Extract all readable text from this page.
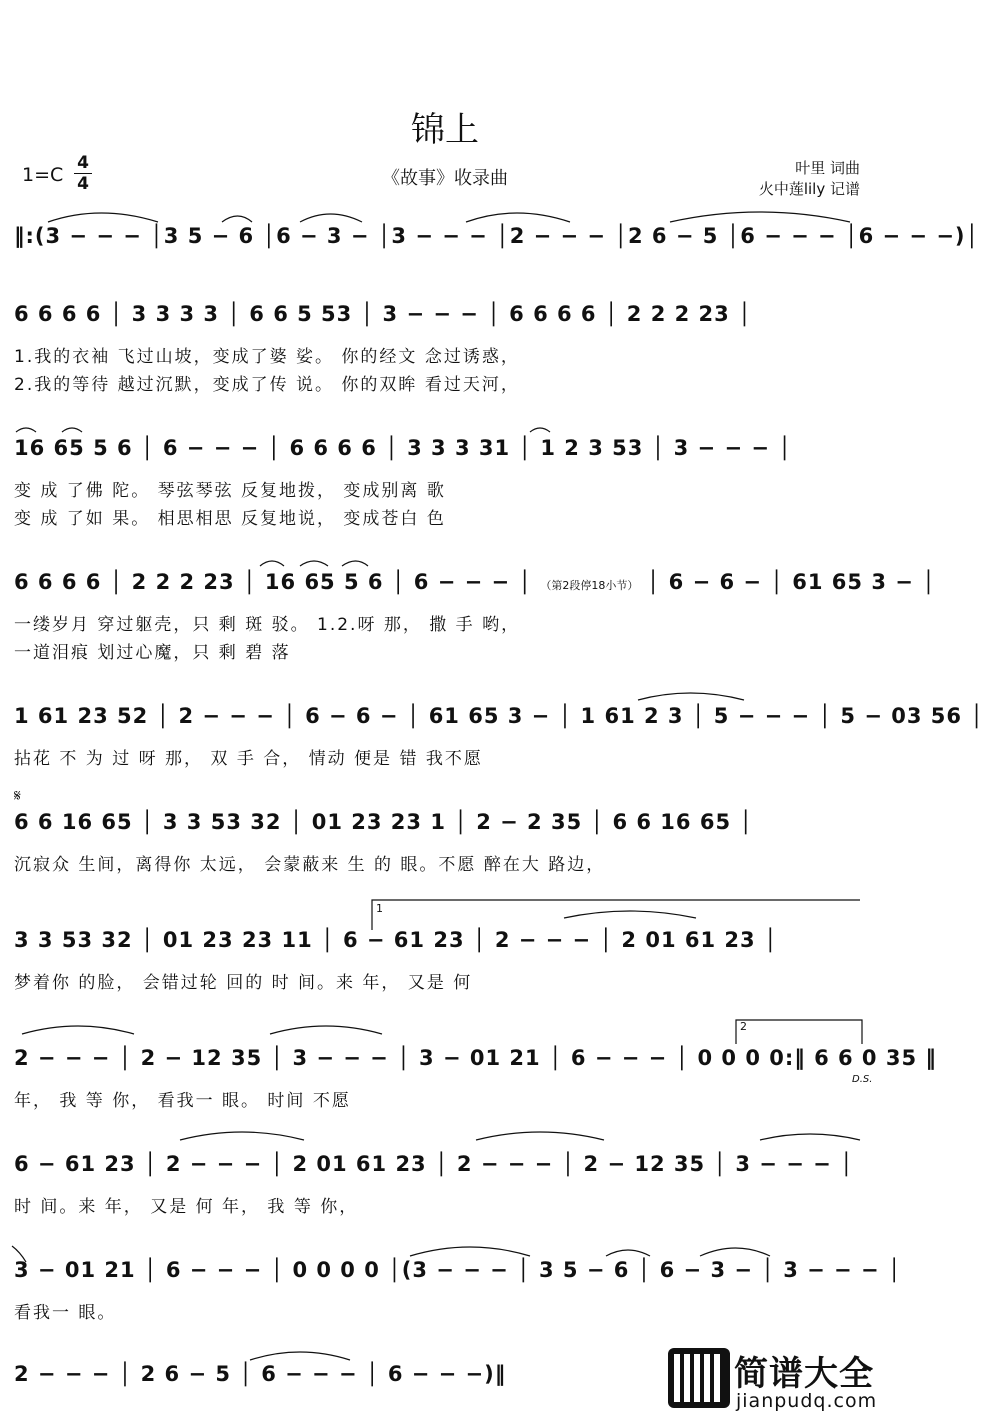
锦上
《故事》收录曲
1=C
4
4
叶里 词曲
火中莲lily 记谱
‖:(3 − − − │3 5 − 6 │6 − 3 − │3 − − − │2 − − − │2 6 − 5 │6 − − − │6 − − −)│
6 6 6 6 │ 3 3 3 3 │ 6 6 5 53 │ 3 − − − │ 6 6 6 6 │ 2 2 2 23 │
1.我的衣袖 飞过山坡，变成了婆 娑。 你的经文 念过诱惑，
2.我的等待 越过沉默，变成了传 说。 你的双眸 看过天河，
16 65 5 6 │ 6 − − − │ 6 6 6 6 │ 3 3 3 31 │ 1 2 3 53 │ 3 − − − │
变 成 了佛 陀。 琴弦琴弦 反复地拨， 变成别离 歌
变 成 了如 果。 相思相思 反复地说， 变成苍白 色
6 6 6 6 │ 2 2 2 23 │ 16 65 5 6 │ 6 − − − │ （第2段停18小节） │ 6 − 6 − │ 61 65 3 − │
一缕岁月 穿过躯壳，只 剩 斑 驳。 1.2.呀 那， 撒 手 哟，
一道泪痕 划过心魔，只 剩 碧 落
1 61 23 52 │ 2 − − − │ 6 − 6 − │ 61 65 3 − │ 1 61 2 3 │ 5 − − − │ 5 − 03 56 │
拈花 不 为 过 呀 那， 双 手 合， 情动 便是 错 我不愿
𝄋
6 6 16 65 │ 3 3 53 32 │ 01 23 23 1 │ 2 − 2 35 │ 6 6 16 65 │
沉寂众 生间，离得你 太远， 会蒙蔽来 生 的 眼。不愿 醉在大 路边，
1
3 3 53 32 │ 01 23 23 11 │ 6 − 61 23 │ 2 − − − │ 2 01 61 23 │
梦着你 的脸， 会错过轮 回的 时 间。来 年， 又是 何
2
D.S.
2 − − − │ 2 − 12 35 │ 3 − − − │ 3 − 01 21 │ 6 − − − │ 0 0 0 0:‖ 6 6 0 35 ‖
年， 我 等 你， 看我一 眼。 时间 不愿
6 − 61 23 │ 2 − − − │ 2 01 61 23 │ 2 − − − │ 2 − 12 35 │ 3 − − − │
时 间。来 年， 又是 何 年， 我 等 你，
3 − 01 21 │ 6 − − − │ 0 0 0 0 │(3 − − − │ 3 5 − 6 │ 6 − 3 − │ 3 − − − │
看我一 眼。
2 − − − │ 2 6 − 5 │ 6 − − − │ 6 − − −)‖	简谱大全
jianpudq.com
